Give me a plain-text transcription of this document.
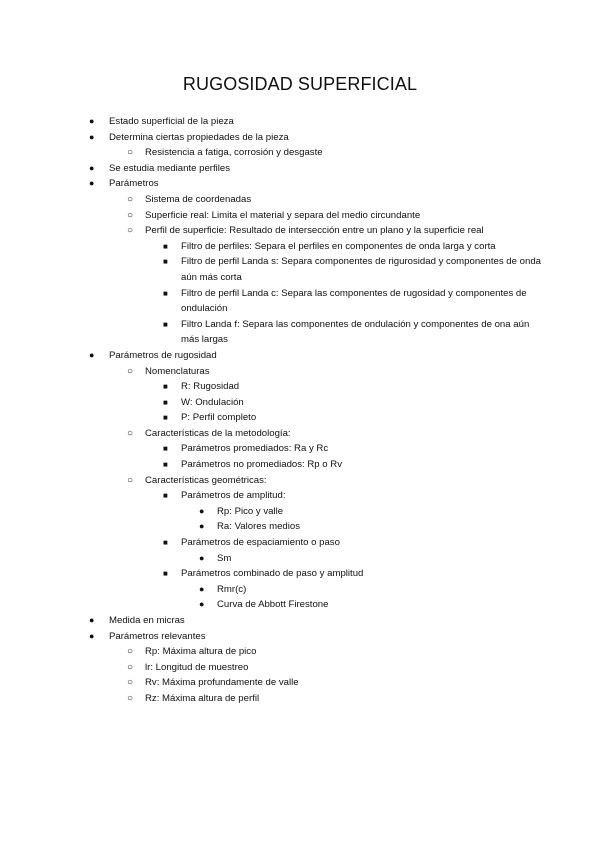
RUGOSIDAD SUPERFICIAL
● Estado superficial de la pieza
● Determina ciertas propiedades de la pieza
○ Resistencia a fatiga, corrosión y desgaste
● Se estudia mediante perfiles
● Parámetros
○ Sistema de coordenadas
○ Superficie real: Limita el material y separa del medio circundante
○ Perfil de superficie: Resultado de intersección entre un plano y la superficie real
■ Filtro de perfiles: Separa el perfiles en componentes de onda larga y corta
■ Filtro de perfil Landa s: Separa componentes de rigurosidad y componentes de onda aún más corta
■ Filtro de perfil Landa c: Separa las componentes de rugosidad y componentes de ondulación
■ Filtro Landa f: Separa las componentes de ondulación y componentes de ona aún más largas
● Parámetros de rugosidad
○ Nomenclaturas
■ R: Rugosidad
■ W: Ondulación
■ P: Perfil completo
○ Características de la metodología:
■ Parámetros promediados: Ra y Rc
■ Parámetros no promediados: Rp o Rv
○ Características geométricas:
■ Parámetros de amplitud:
● Rp: Pico y valle
● Ra: Valores medios
■ Parámetros de espaciamiento o paso
● Sm
■ Parámetros combinado de paso y amplitud
● Rmr(c)
● Curva de Abbott Firestone
● Medida en micras
● Parámetros relevantes
○ Rp: Máxima altura de pico
○ lr: Longitud de muestreo
○ Rv: Máxima profundamente de valle
○ Rz: Máxima altura de perfil
